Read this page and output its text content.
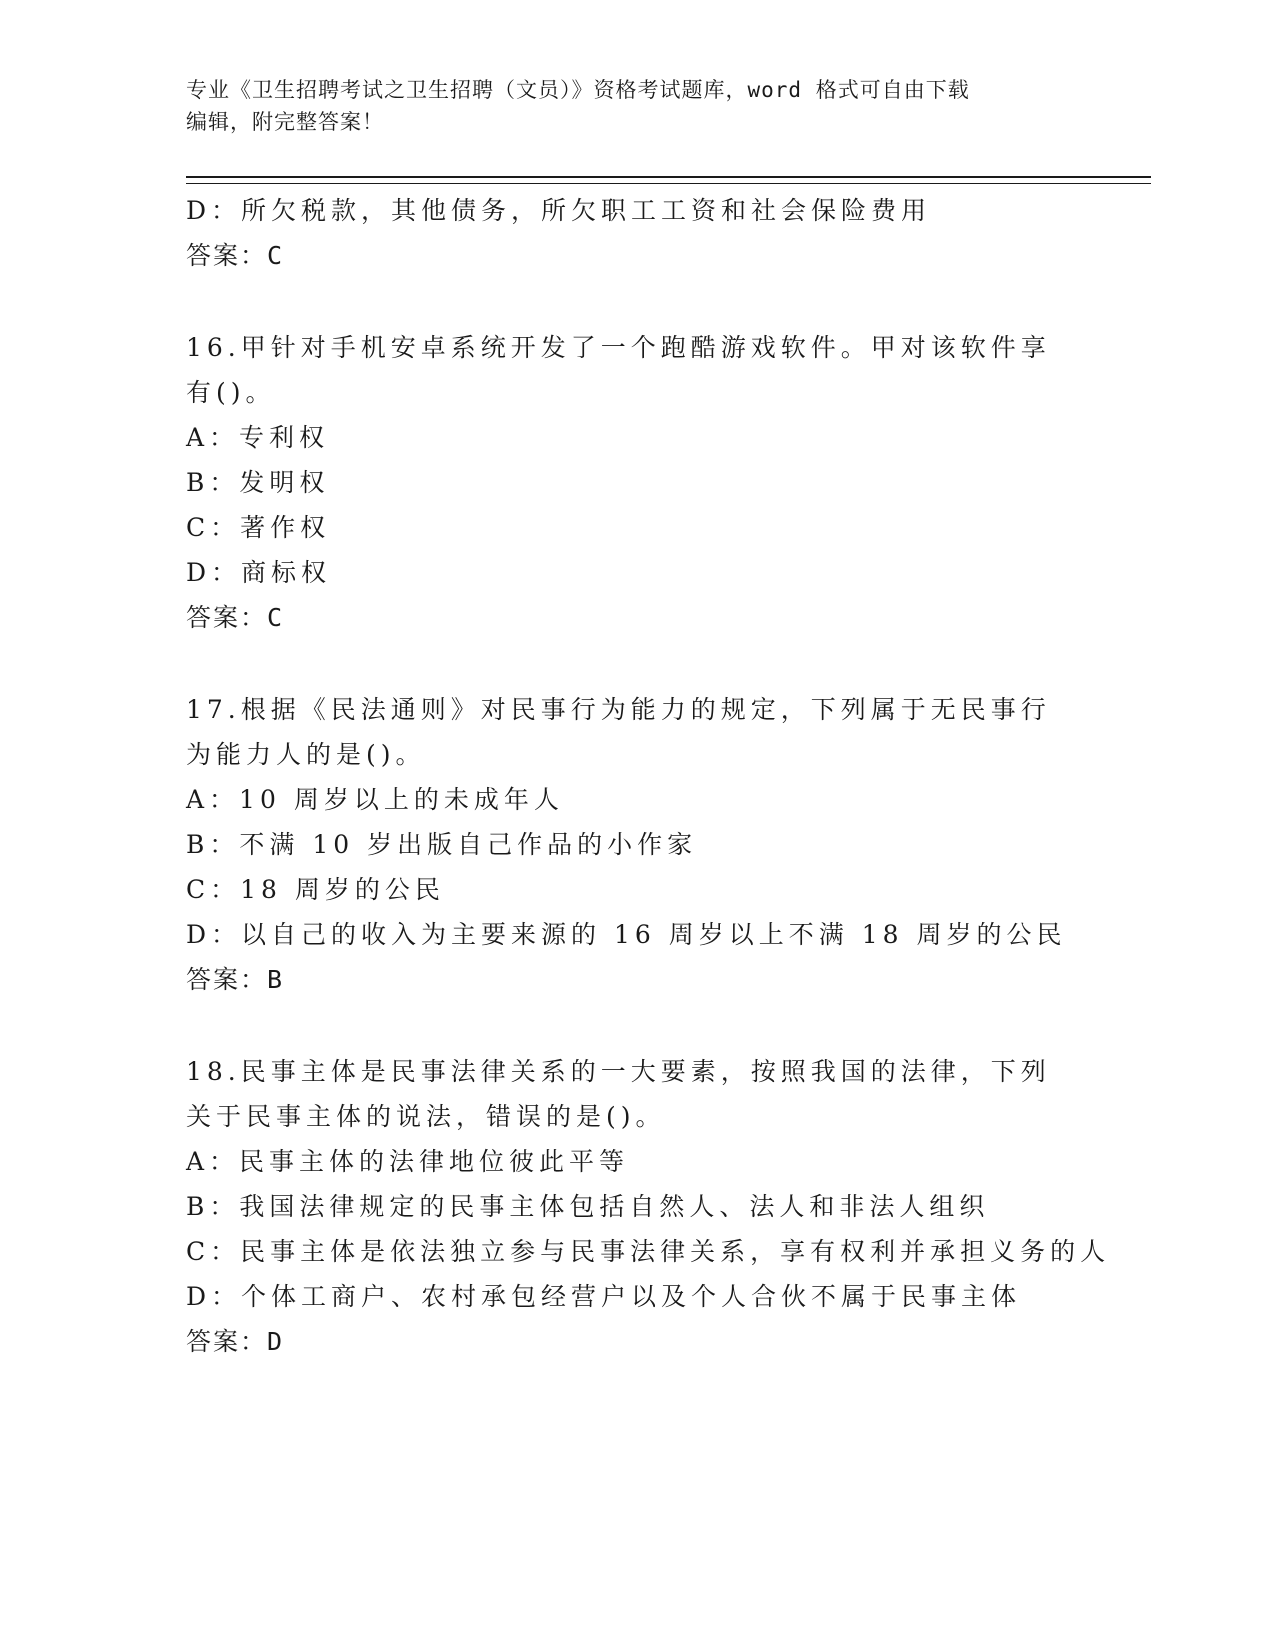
专业《卫生招聘考试之卫生招聘（文员）》资格考试题库，word 格式可自由下载
编辑，附完整答案！
D：所欠税款，其他债务，所欠职工工资和社会保险费用
答案：C
16.甲针对手机安卓系统开发了一个跑酷游戏软件。甲对该软件享有()。
A：专利权
B：发明权
C：著作权
D：商标权
答案：C
17.根据《民法通则》对民事行为能力的规定，下列属于无民事行为能力人的是()。
A：10 周岁以上的未成年人
B：不满 10 岁出版自己作品的小作家
C：18 周岁的公民
D：以自己的收入为主要来源的 16 周岁以上不满 18 周岁的公民
答案：B
18.民事主体是民事法律关系的一大要素，按照我国的法律，下列关于民事主体的说法，错误的是()。
A：民事主体的法律地位彼此平等
B：我国法律规定的民事主体包括自然人、法人和非法人组织
C：民事主体是依法独立参与民事法律关系，享有权利并承担义务的人
D：个体工商户、农村承包经营户以及个人合伙不属于民事主体
答案：D
